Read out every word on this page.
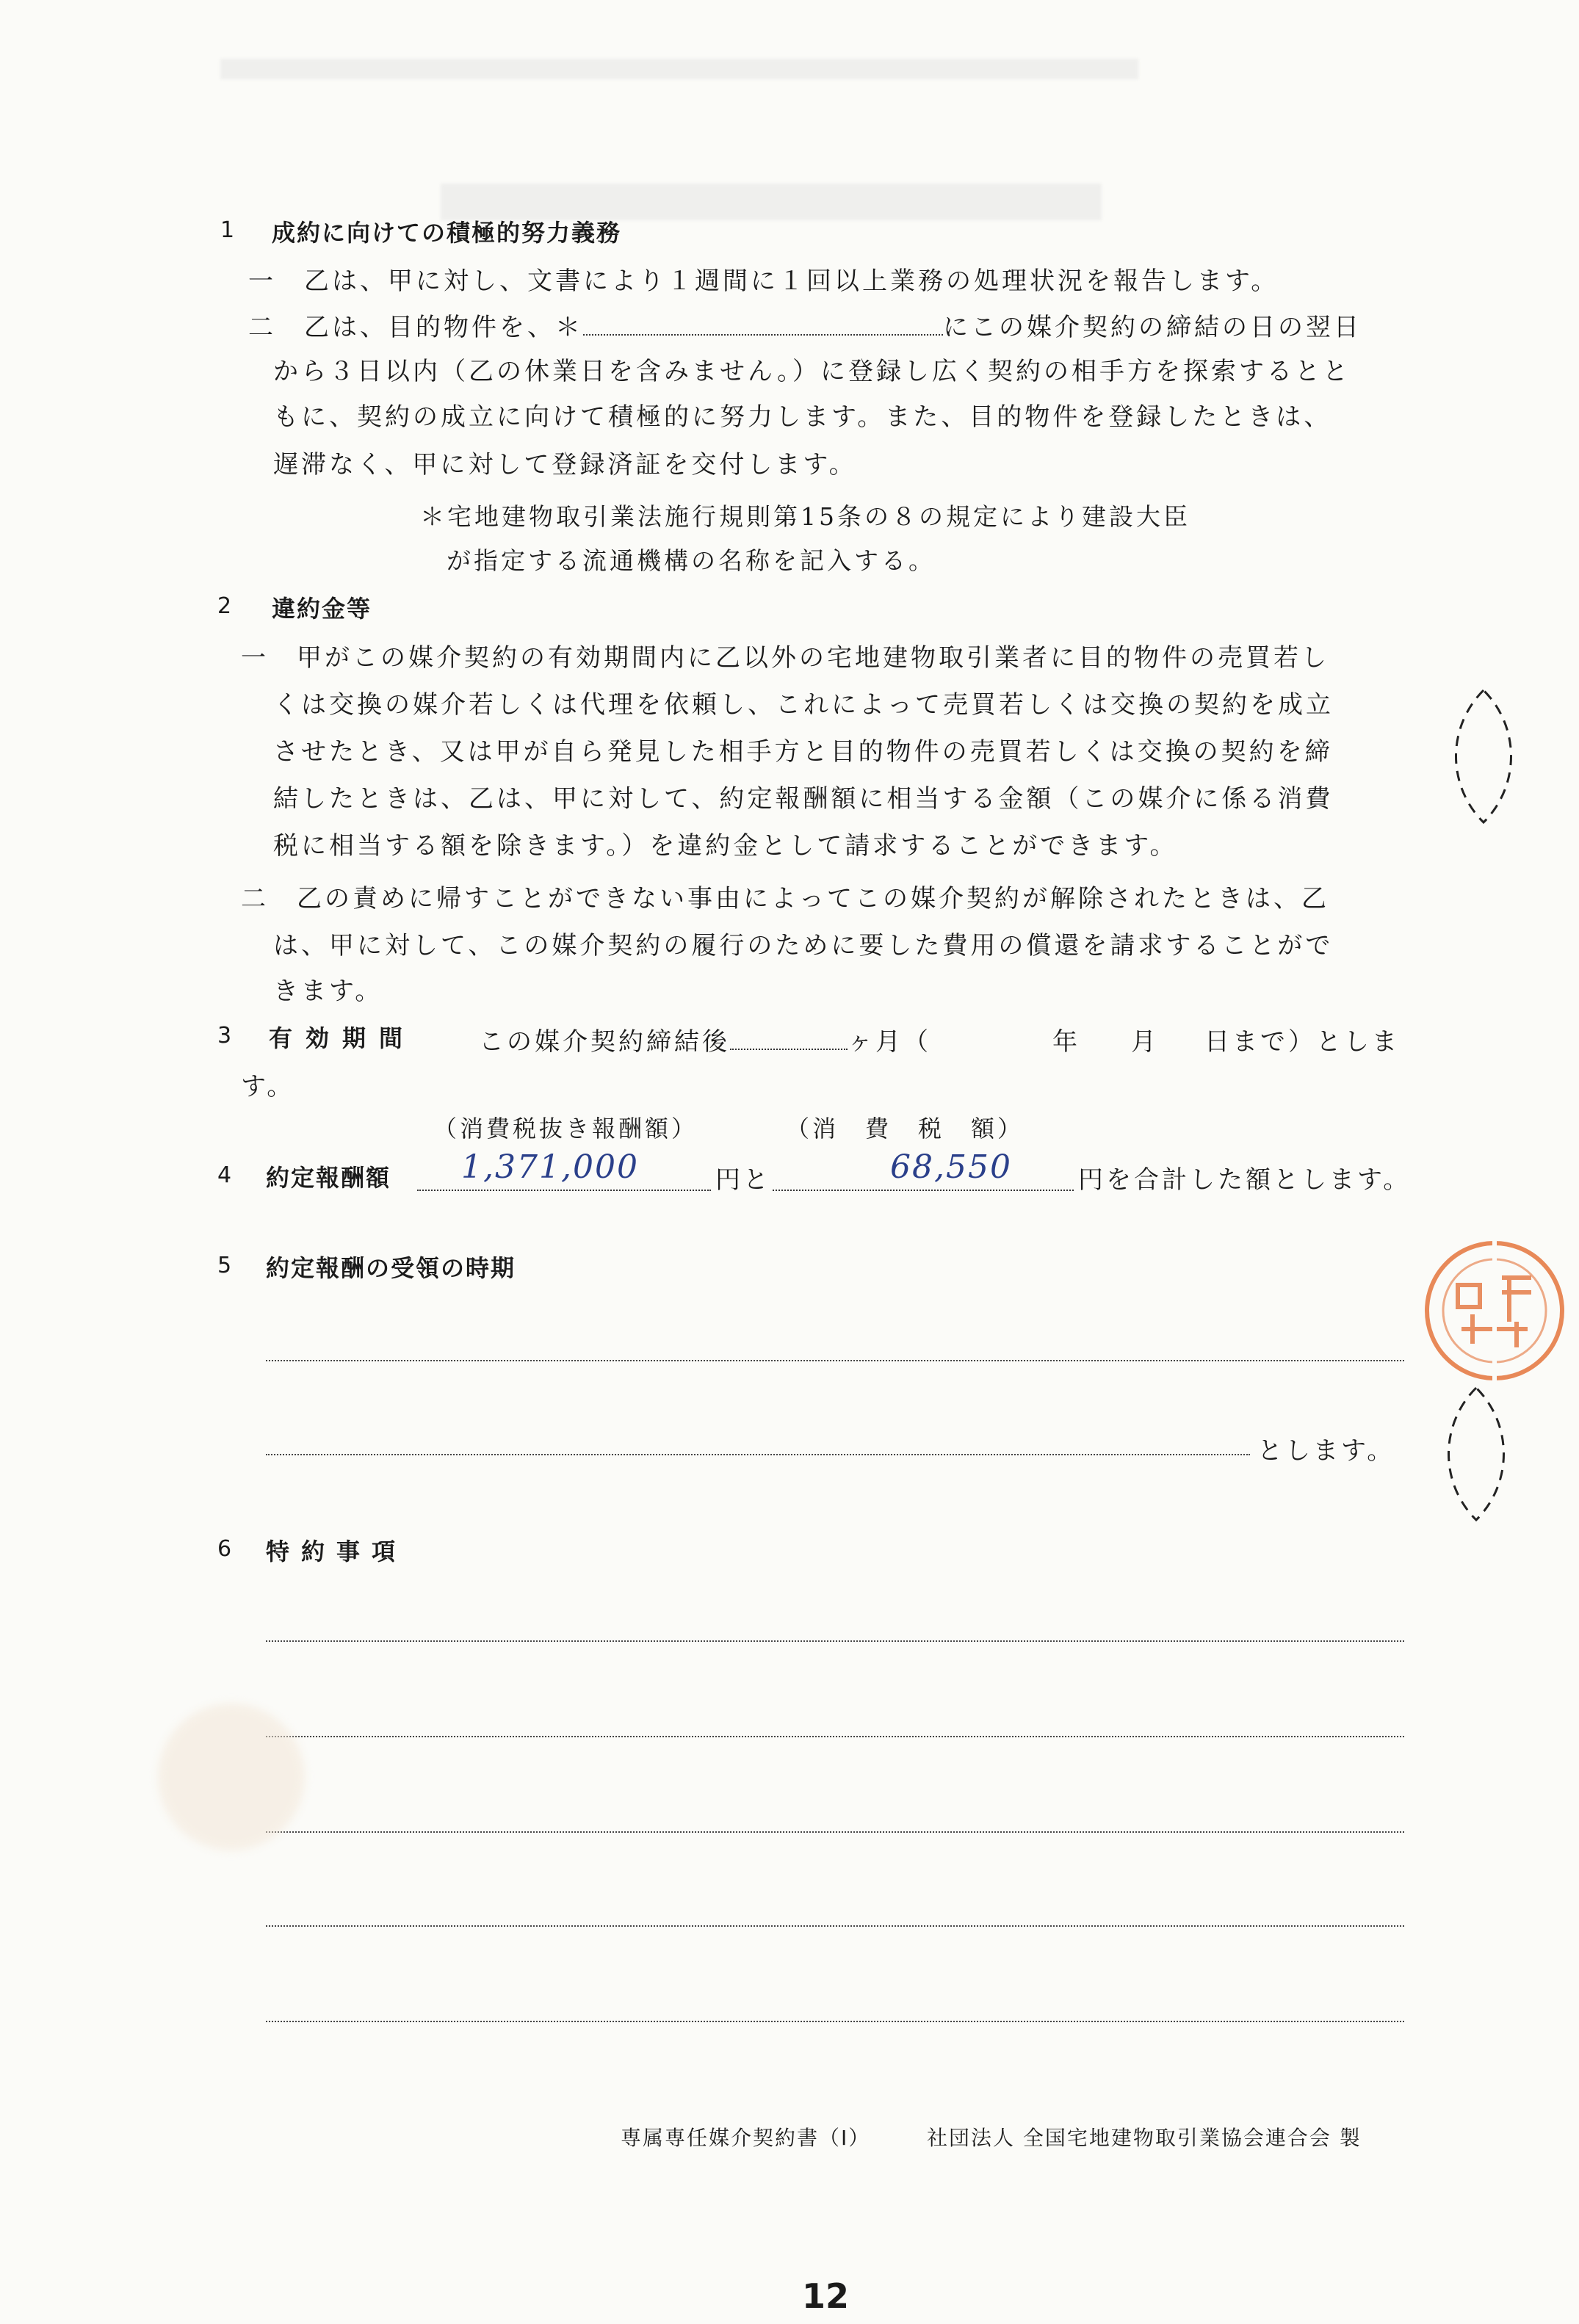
1 成約に向けての積極的努力義務
一　乙は、甲に対し、文書により１週間に１回以上業務の処理状況を報告します。
二　乙は、目的物件を、＊	にこの媒介契約の締結の日の翌日
から３日以内（乙の休業日を含みません。）に登録し広く契約の相手方を探索するとと
もに、契約の成立に向けて積極的に努力します。また、目的物件を登録したときは、
遅滞なく、甲に対して登録済証を交付します。
＊宅地建物取引業法施行規則第15条の８の規定により建設大臣
が指定する流通機構の名称を記入する。
2 違約金等
一　甲がこの媒介契約の有効期間内に乙以外の宅地建物取引業者に目的物件の売買若し
くは交換の媒介若しくは代理を依頼し、これによって売買若しくは交換の契約を成立
させたとき、又は甲が自ら発見した相手方と目的物件の売買若しくは交換の契約を締
結したときは、乙は、甲に対して、約定報酬額に相当する金額（この媒介に係る消費
税に相当する額を除きます。）を違約金として請求することができます。
二　乙の責めに帰すことができない事由によってこの媒介契約が解除されたときは、乙
は、甲に対して、この媒介契約の履行のために要した費用の償還を請求することがで
きます。
3 有効期間	この媒介契約締結後	ヶ月（	年 月 日まで）としま
す。
（消費税抜き報酬額）	（消　費　税　額）
4 約定報酬額 1,371,000	円と	68,550	円を合計した額とします。
5 約定報酬の受領の時期
とします。
6 特約事項
専属専任媒介契約書（Ⅰ）	社団法人 全国宅地建物取引業協会連合会 製
12
